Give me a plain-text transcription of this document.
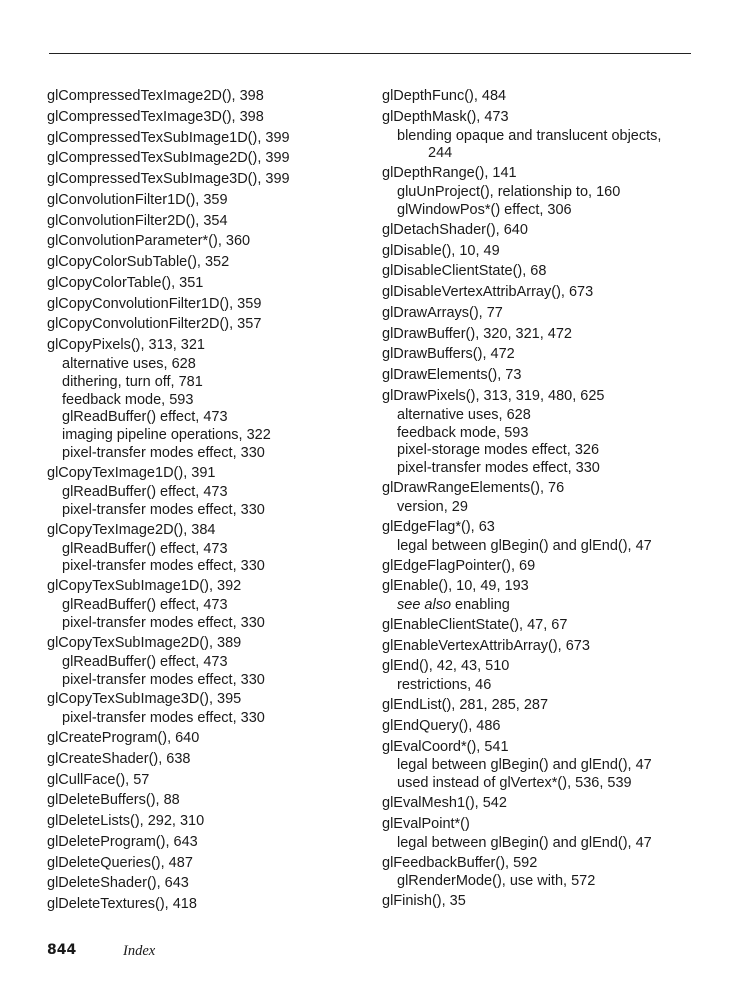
glCompressedTexImage2D(), 398
glCompressedTexImage3D(), 398
glCompressedTexSubImage1D(), 399
glCompressedTexSubImage2D(), 399
glCompressedTexSubImage3D(), 399
glConvolutionFilter1D(), 359
glConvolutionFilter2D(), 354
glConvolutionParameter*(), 360
glCopyColorSubTable(), 352
glCopyColorTable(), 351
glCopyConvolutionFilter1D(), 359
glCopyConvolutionFilter2D(), 357
glCopyPixels(), 313, 321
alternative uses, 628
dithering, turn off, 781
feedback mode, 593
glReadBuffer() effect, 473
imaging pipeline operations, 322
pixel-transfer modes effect, 330
glCopyTexImage1D(), 391
glReadBuffer() effect, 473
pixel-transfer modes effect, 330
glCopyTexImage2D(), 384
glReadBuffer() effect, 473
pixel-transfer modes effect, 330
glCopyTexSubImage1D(), 392
glReadBuffer() effect, 473
pixel-transfer modes effect, 330
glCopyTexSubImage2D(), 389
glReadBuffer() effect, 473
pixel-transfer modes effect, 330
glCopyTexSubImage3D(), 395
pixel-transfer modes effect, 330
glCreateProgram(), 640
glCreateShader(), 638
glCullFace(), 57
glDeleteBuffers(), 88
glDeleteLists(), 292, 310
glDeleteProgram(), 643
glDeleteQueries(), 487
glDeleteShader(), 643
glDeleteTextures(), 418
glDepthFunc(), 484
glDepthMask(), 473
blending opaque and translucent objects,
244
glDepthRange(), 141
gluUnProject(), relationship to, 160
glWindowPos*() effect, 306
glDetachShader(), 640
glDisable(), 10, 49
glDisableClientState(), 68
glDisableVertexAttribArray(), 673
glDrawArrays(), 77
glDrawBuffer(), 320, 321, 472
glDrawBuffers(), 472
glDrawElements(), 73
glDrawPixels(), 313, 319, 480, 625
alternative uses, 628
feedback mode, 593
pixel-storage modes effect, 326
pixel-transfer modes effect, 330
glDrawRangeElements(), 76
version, 29
glEdgeFlag*(), 63
legal between glBegin() and glEnd(), 47
glEdgeFlagPointer(), 69
glEnable(), 10, 49, 193
see also enabling
glEnableClientState(), 47, 67
glEnableVertexAttribArray(), 673
glEnd(), 42, 43, 510
restrictions, 46
glEndList(), 281, 285, 287
glEndQuery(), 486
glEvalCoord*(), 541
legal between glBegin() and glEnd(), 47
used instead of glVertex*(), 536, 539
glEvalMesh1(), 542
glEvalPoint*()
legal between glBegin() and glEnd(), 47
glFeedbackBuffer(), 592
glRenderMode(), use with, 572
glFinish(), 35
844	Index
